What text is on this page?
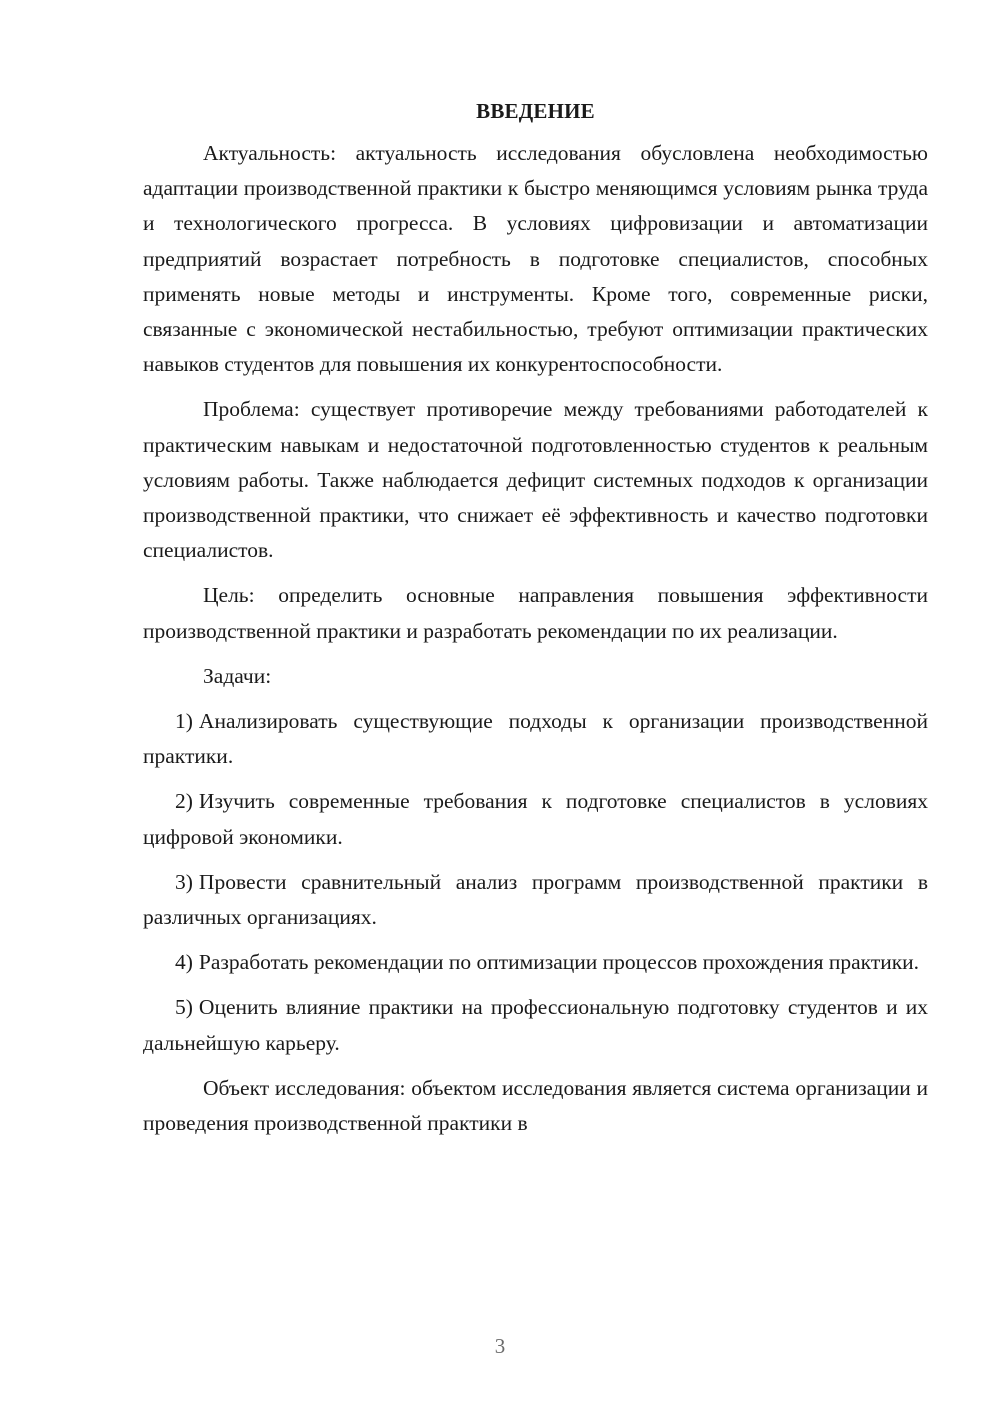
ВВЕДЕНИЕ

Актуальность: актуальность исследования обусловлена необходимостью адаптации производственной практики к быстро меняющимся условиям рынка труда и технологического прогресса. В условиях цифровизации и автоматизации предприятий возрастает потребность в подготовке специалистов, способных применять новые методы и инструменты. Кроме того, современные риски, связанные с экономической нестабильностью, требуют оптимизации практических навыков студентов для повышения их конкурентоспособности.

Проблема: существует противоречие между требованиями работодателей к практическим навыкам и недостаточной подготовленностью студентов к реальным условиям работы. Также наблюдается дефицит системных подходов к организации производственной практики, что снижает её эффективность и качество подготовки специалистов.

Цель: определить основные направления повышения эффективности производственной практики и разработать рекомендации по их реализации.

Задачи:

1) Анализировать существующие подходы к организации производственной практики.

2) Изучить современные требования к подготовке специалистов в условиях цифровой экономики.

3) Провести сравнительный анализ программ производственной практики в различных организациях.

4) Разработать рекомендации по оптимизации процессов прохождения практики.

5) Оценить влияние практики на профессиональную подготовку студентов и их дальнейшую карьеру.

Объект исследования: объектом исследования является система организации и проведения производственной практики в

3
